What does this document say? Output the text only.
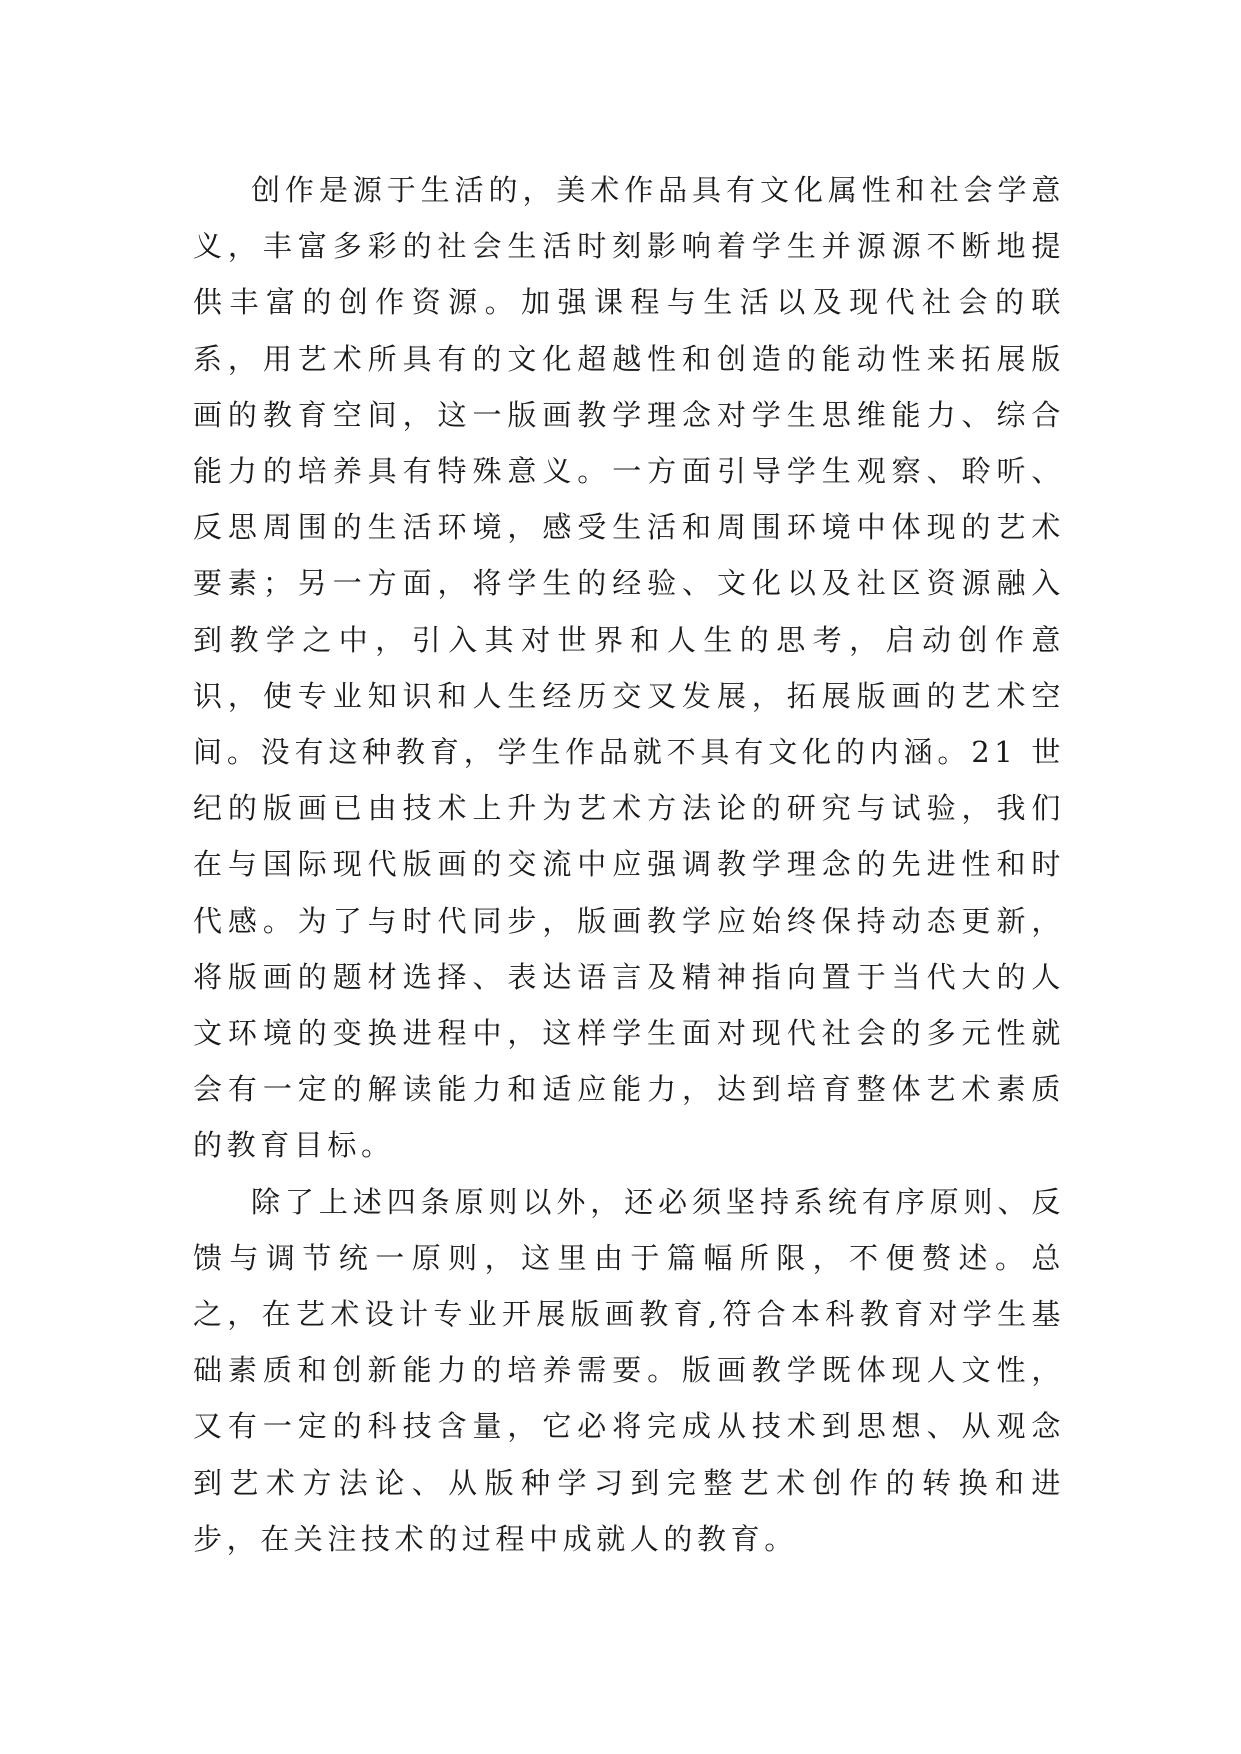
创作是源于生活的，美术作品具有文化属性和社会学意义，丰富多彩的社会生活时刻影响着学生并源源不断地提供丰富的创作资源。加强课程与生活以及现代社会的联系，用艺术所具有的文化超越性和创造的能动性来拓展版画的教育空间，这一版画教学理念对学生思维能力、综合能力的培养具有特殊意义。一方面引导学生观察、聆听、反思周围的生活环境，感受生活和周围环境中体现的艺术要素；另一方面，将学生的经验、文化以及社区资源融入到教学之中，引入其对世界和人生的思考，启动创作意识，使专业知识和人生经历交叉发展，拓展版画的艺术空间。没有这种教育，学生作品就不具有文化的内涵。21 世纪的版画已由技术上升为艺术方法论的研究与试验，我们在与国际现代版画的交流中应强调教学理念的先进性和时代感。为了与时代同步，版画教学应始终保持动态更新，将版画的题材选择、表达语言及精神指向置于当代大的人文环境的变换进程中，这样学生面对现代社会的多元性就会有一定的解读能力和适应能力，达到培育整体艺术素质的教育目标。

除了上述四条原则以外，还必须坚持系统有序原则、反馈与调节统一原则，这里由于篇幅所限，不便赘述。总之，在艺术设计专业开展版画教育,符合本科教育对学生基础素质和创新能力的培养需要。版画教学既体现人文性，又有一定的科技含量，它必将完成从技术到思想、从观念到艺术方法论、从版种学习到完整艺术创作的转换和进步，在关注技术的过程中成就人的教育。
